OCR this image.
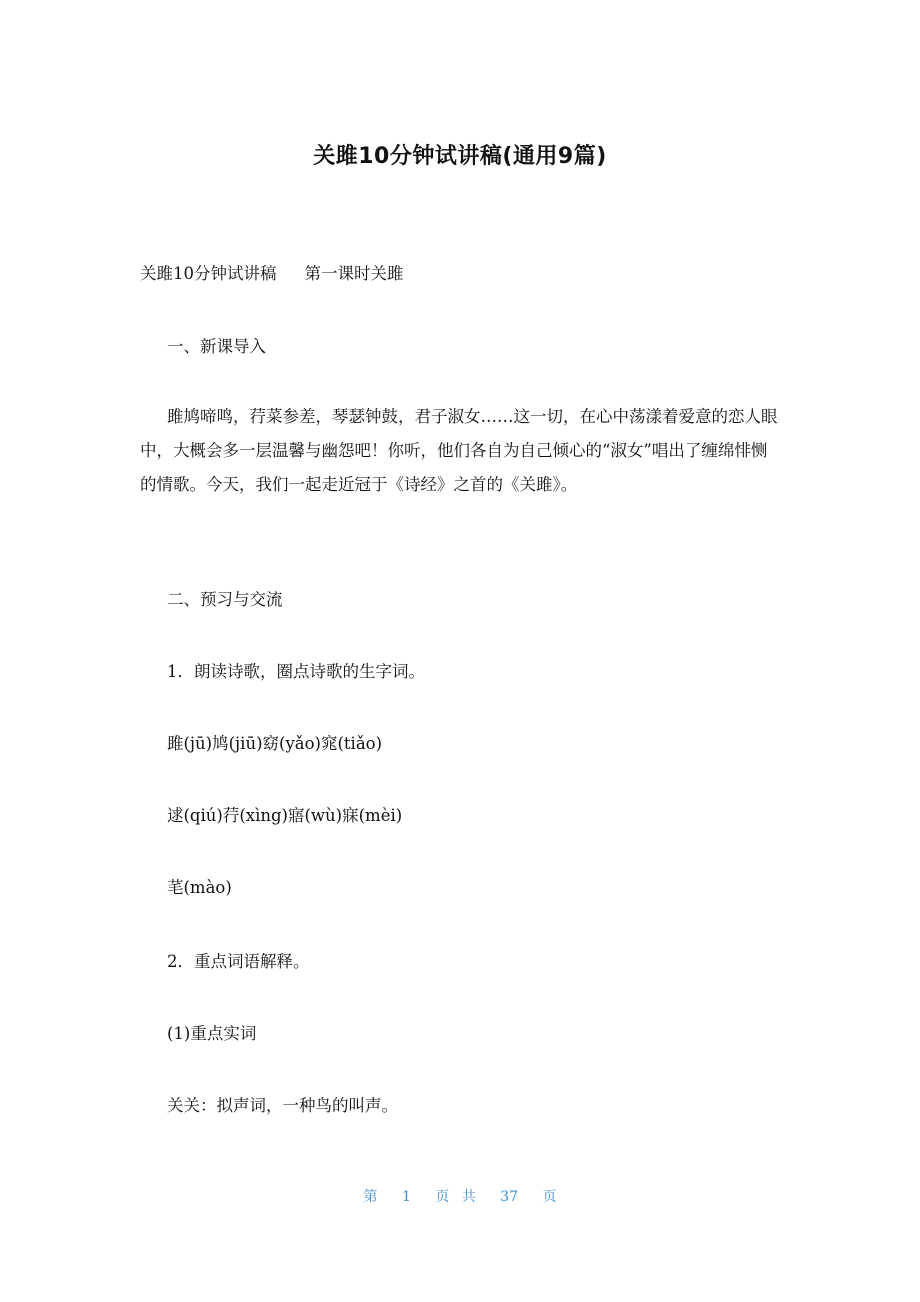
关雎10分钟试讲稿(通用9篇)
关雎10分钟试讲稿 第一课时关雎
一、新课导入
雎鸠啼鸣，荇菜参差，琴瑟钟鼓，君子淑女……这一切，在心中荡漾着爱意的恋人眼中，大概会多一层温馨与幽怨吧！你听，他们各自为自己倾心的“淑女”唱出了缠绵悱恻的情歌。今天，我们一起走近冠于《诗经》之首的《关雎》。
二、预习与交流
1．朗读诗歌，圈点诗歌的生字词。
雎(jū)鸠(jiū)窈(yǎo)窕(tiǎo)
逑(qiú)荇(xìng)寤(wù)寐(mèi)
芼(mào)
2．重点词语解释。
(1)重点实词
关关：拟声词，一种鸟的叫声。
第 1 页 共 37 页
